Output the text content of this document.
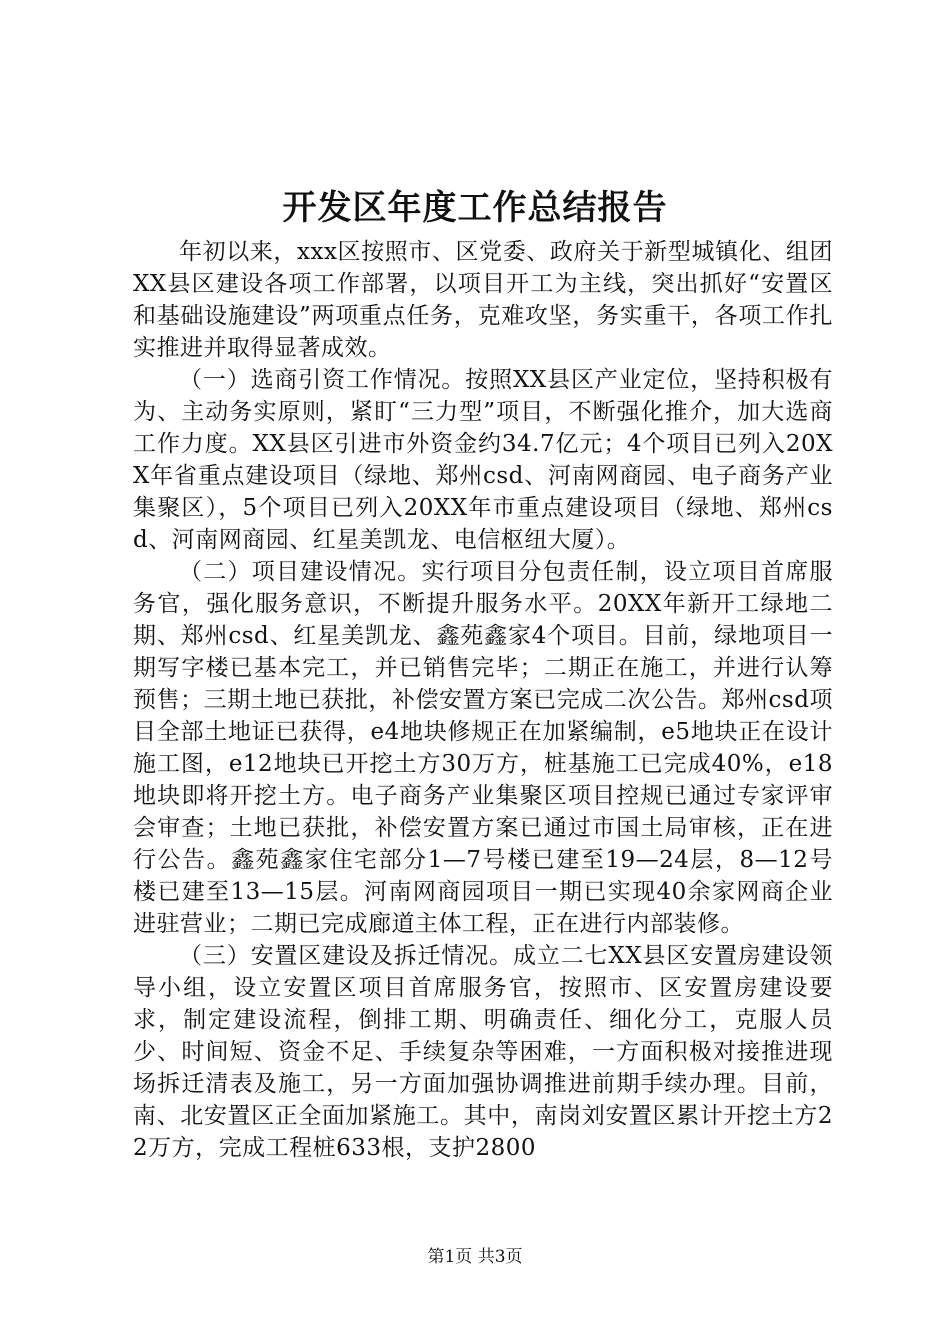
开发区年度工作总结报告

年初以来，xxx区按照市、区党委、政府关于新型城镇化、组团XX县区建设各项工作部署，以项目开工为主线，突出抓好“安置区和基础设施建设”两项重点任务，克难攻坚，务实重干，各项工作扎实推进并取得显著成效。

（一）选商引资工作情况。按照XX县区产业定位，坚持积极有为、主动务实原则，紧盯“三力型”项目，不断强化推介，加大选商工作力度。XX县区引进市外资金约34.7亿元；4个项目已列入20XX年省重点建设项目（绿地、郑州csd、河南网商园、电子商务产业集聚区），5个项目已列入20XX年市重点建设项目（绿地、郑州csd、河南网商园、红星美凯龙、电信枢纽大厦）。

（二）项目建设情况。实行项目分包责任制，设立项目首席服务官，强化服务意识，不断提升服务水平。20XX年新开工绿地二期、郑州csd、红星美凯龙、鑫苑鑫家4个项目。目前，绿地项目一期写字楼已基本完工，并已销售完毕；二期正在施工，并进行认筹预售；三期土地已获批，补偿安置方案已完成二次公告。郑州csd项目全部土地证已获得，e4地块修规正在加紧编制，e5地块正在设计施工图，e12地块已开挖土方30万方，桩基施工已完成40%，e18地块即将开挖土方。电子商务产业集聚区项目控规已通过专家评审会审查；土地已获批，补偿安置方案已通过市国土局审核，正在进行公告。鑫苑鑫家住宅部分1—7号楼已建至19—24层，8—12号楼已建至13—15层。河南网商园项目一期已实现40余家网商企业进驻营业；二期已完成廊道主体工程，正在进行内部装修。

（三）安置区建设及拆迁情况。成立二七XX县区安置房建设领导小组，设立安置区项目首席服务官，按照市、区安置房建设要求，制定建设流程，倒排工期、明确责任、细化分工，克服人员少、时间短、资金不足、手续复杂等困难，一方面积极对接推进现场拆迁清表及施工，另一方面加强协调推进前期手续办理。目前，南、北安置区正全面加紧施工。其中，南岗刘安置区累计开挖土方22万方，完成工程桩633根，支护2800

第1页 共3页
